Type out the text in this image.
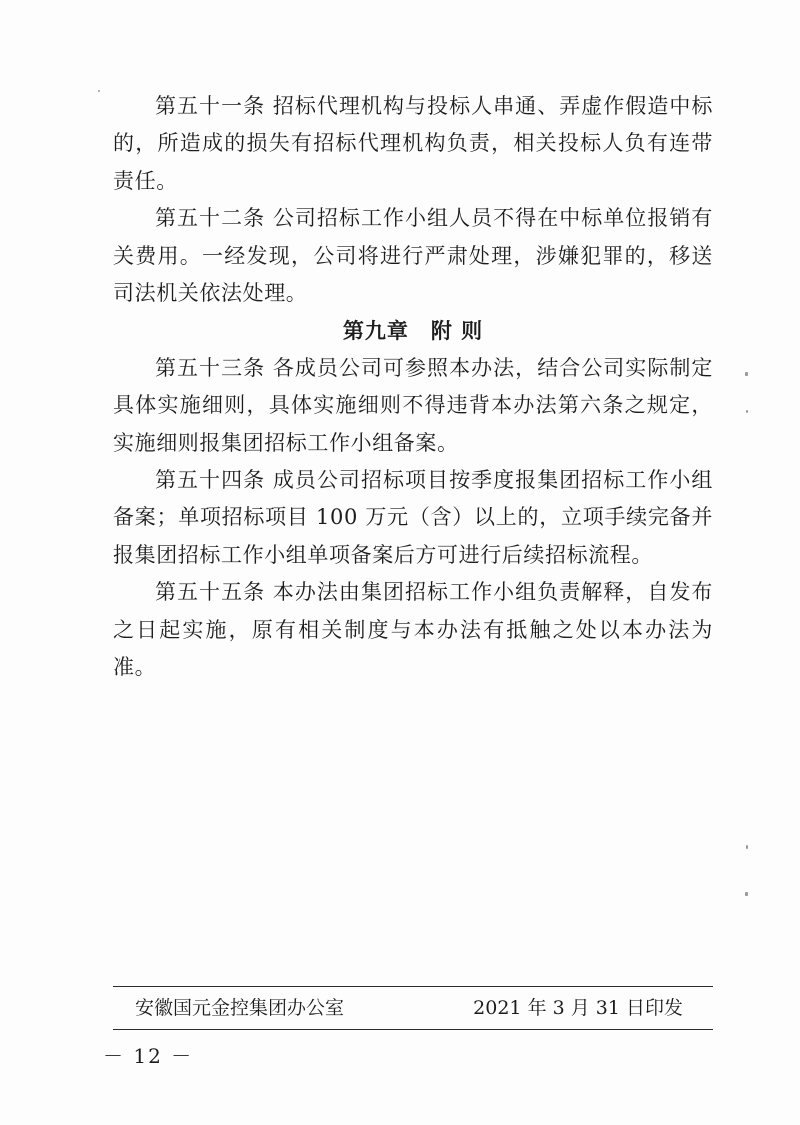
第五十一条 招标代理机构与投标人串通、弄虚作假造中标的，所造成的损失有招标代理机构负责，相关投标人负有连带责任。

第五十二条 公司招标工作小组人员不得在中标单位报销有关费用。一经发现，公司将进行严肃处理，涉嫌犯罪的，移送司法机关依法处理。

第九章　附 则

第五十三条 各成员公司可参照本办法，结合公司实际制定具体实施细则，具体实施细则不得违背本办法第六条之规定，实施细则报集团招标工作小组备案。

第五十四条 成员公司招标项目按季度报集团招标工作小组备案；单项招标项目 100 万元（含）以上的，立项手续完备并报集团招标工作小组单项备案后方可进行后续招标流程。

第五十五条 本办法由集团招标工作小组负责解释，自发布之日起实施，原有相关制度与本办法有抵触之处以本办法为准。

安徽国元金控集团办公室	2021 年 3 月 31 日印发
－ 12 －
